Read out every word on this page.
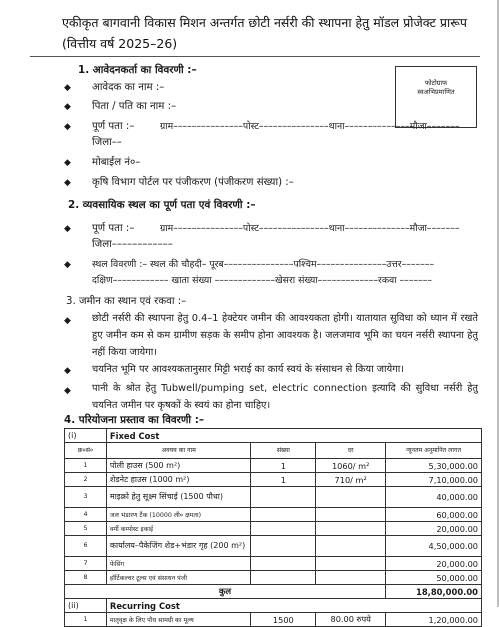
एकीकृत बागवानी विकास मिशन अन्तर्गत छोटी नर्सरी की स्थापना हेतु मॉडल प्रोजेक्ट प्रारूप (वित्तीय वर्ष 2025–26)
फोटोग्राफ
स्वअभिप्रमाणित
1. आवेदनकर्ता का विवरणी :–
◆ आवेदक का नाम :–
◆ पिता / पति का नाम :–
◆ पूर्ण पता :–	ग्राम–––––––––––––––पोस्ट–––––––––––––––थाना––––––––––––––मौजा–––––––
जिला––
◆ मोबाईल नं०–
◆ कृषि विभाग पोर्टल पर पंजीकरण (पंजीकरण संख्या) :–
2. व्यवसायिक स्थल का पूर्ण पता एवं विवरणी :–
◆ पूर्ण पता :–	ग्राम–––––––––––––––पोस्ट–––––––––––––––थाना––––––––––––––मौजा–––––––
जिला––––––––––––
◆ स्थल विवरणी :– स्थल की चौहदी– पूरब–––––––––––––––पश्चिम–––––––––––––––उत्तर–––––––
दक्षिण–––––––––––– खाता संख्या –––––––––––––खेसरा संख्या–––––––––––––रकवा –––––––
3. जमीन का स्थान एवं रकवा :–
◆ छोटी नर्सरी की स्थापना हेतु 0.4–1 हेक्टेयर जमीन की आवश्यकता होगी। यातायात सुविधा को ध्यान में रखते हुए जमीन कम से कम ग्रामीण सड़क के समीप होना आवश्यक है। जलजमाव भूमि का चयन नर्सरी स्थापना हेतु नहीं किया जायेगा।
◆ चयनित भूमि पर आवश्यकतानुसार मिट्टी भराई का कार्य स्वयं के संसाधन से किया जायेगा।
◆ पानी के श्रोत हेतु Tubwell/pumping set, electric connection इत्यादि की सुविधा नर्सरी हेतु चयनित जमीन पर कृषकों के स्वयं का होना चाहिए।
4. परियोजना प्रस्ताव का विवरणी :–
(i)	Fixed Cost			
क्र०सं०	अवयव का नाम	संख्या	दर	न्यूनतम अनुमानित लागत
1	पोली हाउस (500 m²)	1	1060/ m²	5,30,000.00
2	शेडनेट हाउस (1000 m²)	1	710/ m²	7,10,000.00
3	माइक्रो हेतु सूक्ष्म सिंचाई (1500 पौधा)			40,000.00
4	जल भंडारण टैंक (10000 ली० क्षमता)			60,000.00
5	वर्मी कम्पोस्ट इकाई			20,000.00
6	कार्यालय–पैकेजिंग शेड+भंडार गृह (200 m²)			4,50,000.00
7	फेंसिंग			20,000.00
8	हॉर्टिकल्चर टूल्स एवं संसाधन पंजी			50,000.00
कुल				18,80,000.00
(ii)	Recurring Cost			
1	मातृवृक्ष के लिए पौध सामग्री का मूल्य	1500	80.00 रुपये	1,20,000.00
